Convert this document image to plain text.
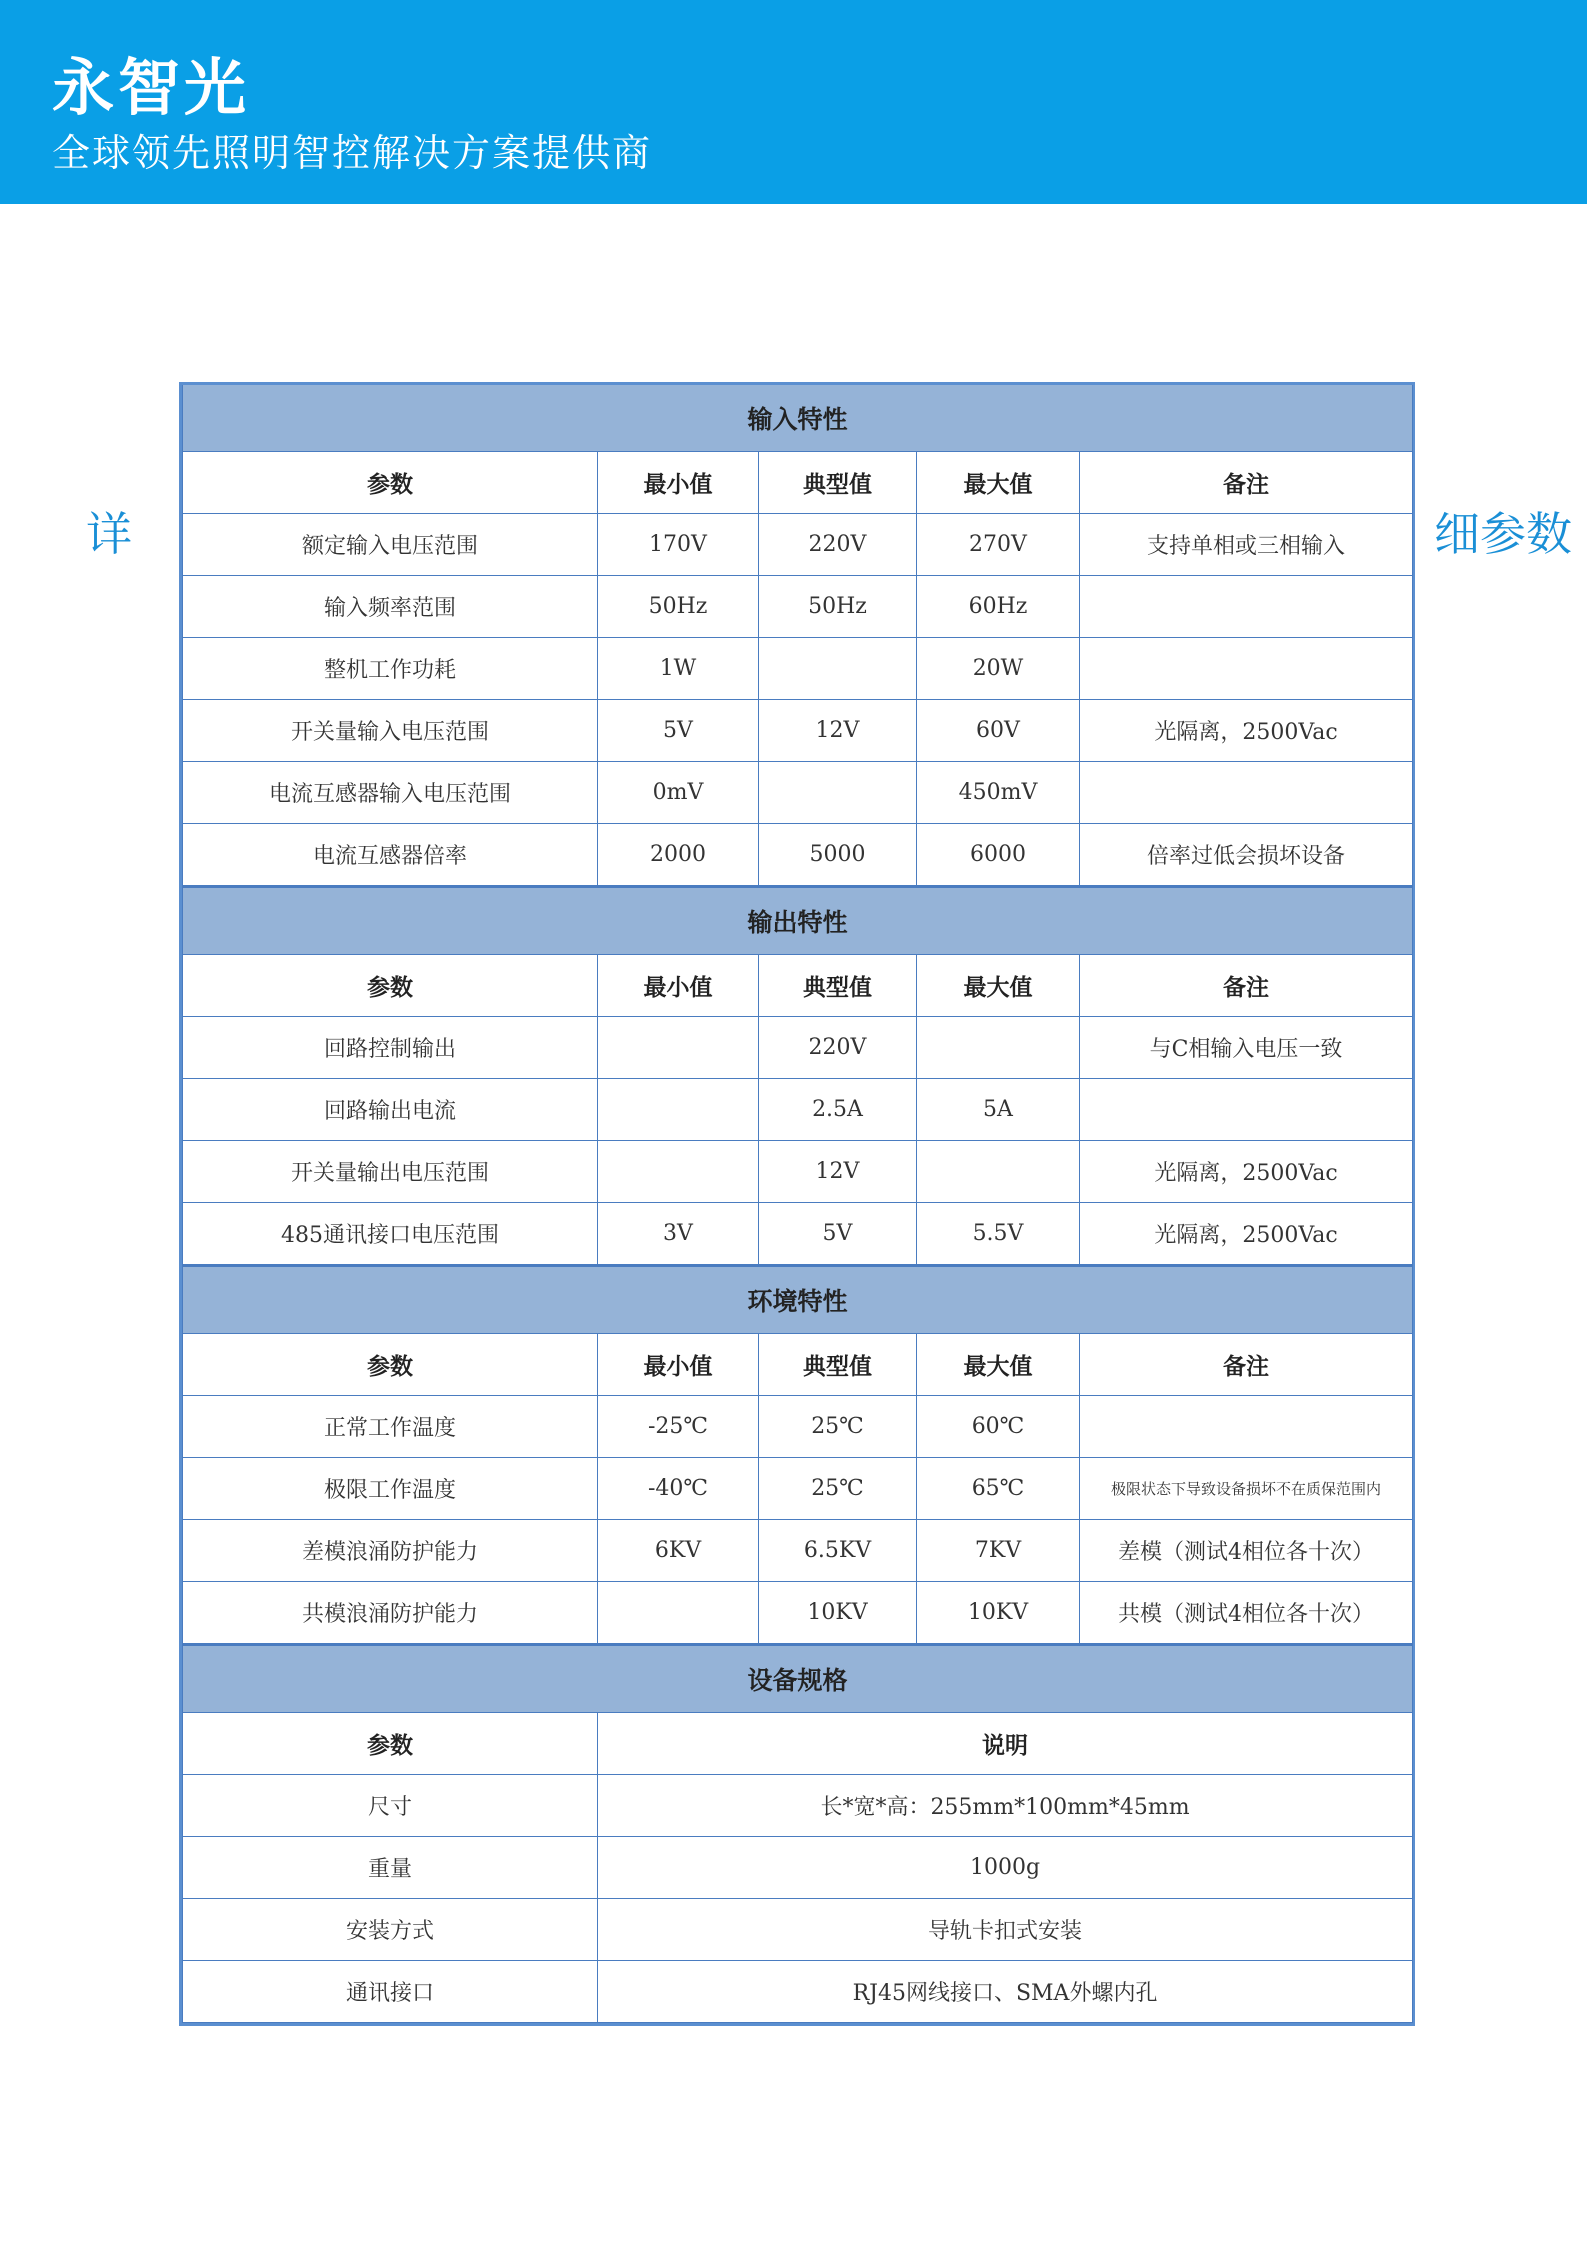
永智光
全球领先照明智控解决方案提供商
详	细参数
输入特性				
参数	最小值	典型值	最大值	备注
额定输入电压范围	170V	220V	270V	支持单相或三相输入
输入频率范围	50Hz	50Hz	60Hz	
整机工作功耗	1W		20W	
开关量输入电压范围	5V	12V	60V	光隔离，2500Vac
电流互感器输入电压范围	0mV		450mV	
电流互感器倍率	2000	5000	6000	倍率过低会损坏设备
输出特性				
参数	最小值	典型值	最大值	备注
回路控制输出		220V		与C相输入电压一致
回路输出电流		2.5A	5A	
开关量输出电压范围		12V		光隔离，2500Vac
485通讯接口电压范围	3V	5V	5.5V	光隔离，2500Vac
环境特性				
参数	最小值	典型值	最大值	备注
正常工作温度	-25℃	25℃	60℃	
极限工作温度	-40℃	25℃	65℃	极限状态下导致设备损坏不在质保范围内
差模浪涌防护能力	6KV	6.5KV	7KV	差模（测试4相位各十次）
共模浪涌防护能力		10KV	10KV	共模（测试4相位各十次）
设备规格				
参数	说明			
尺寸	长*宽*高：255mm*100mm*45mm			
重量	1000g			
安装方式	导轨卡扣式安装			
通讯接口	RJ45网线接口、SMA外螺内孔			
